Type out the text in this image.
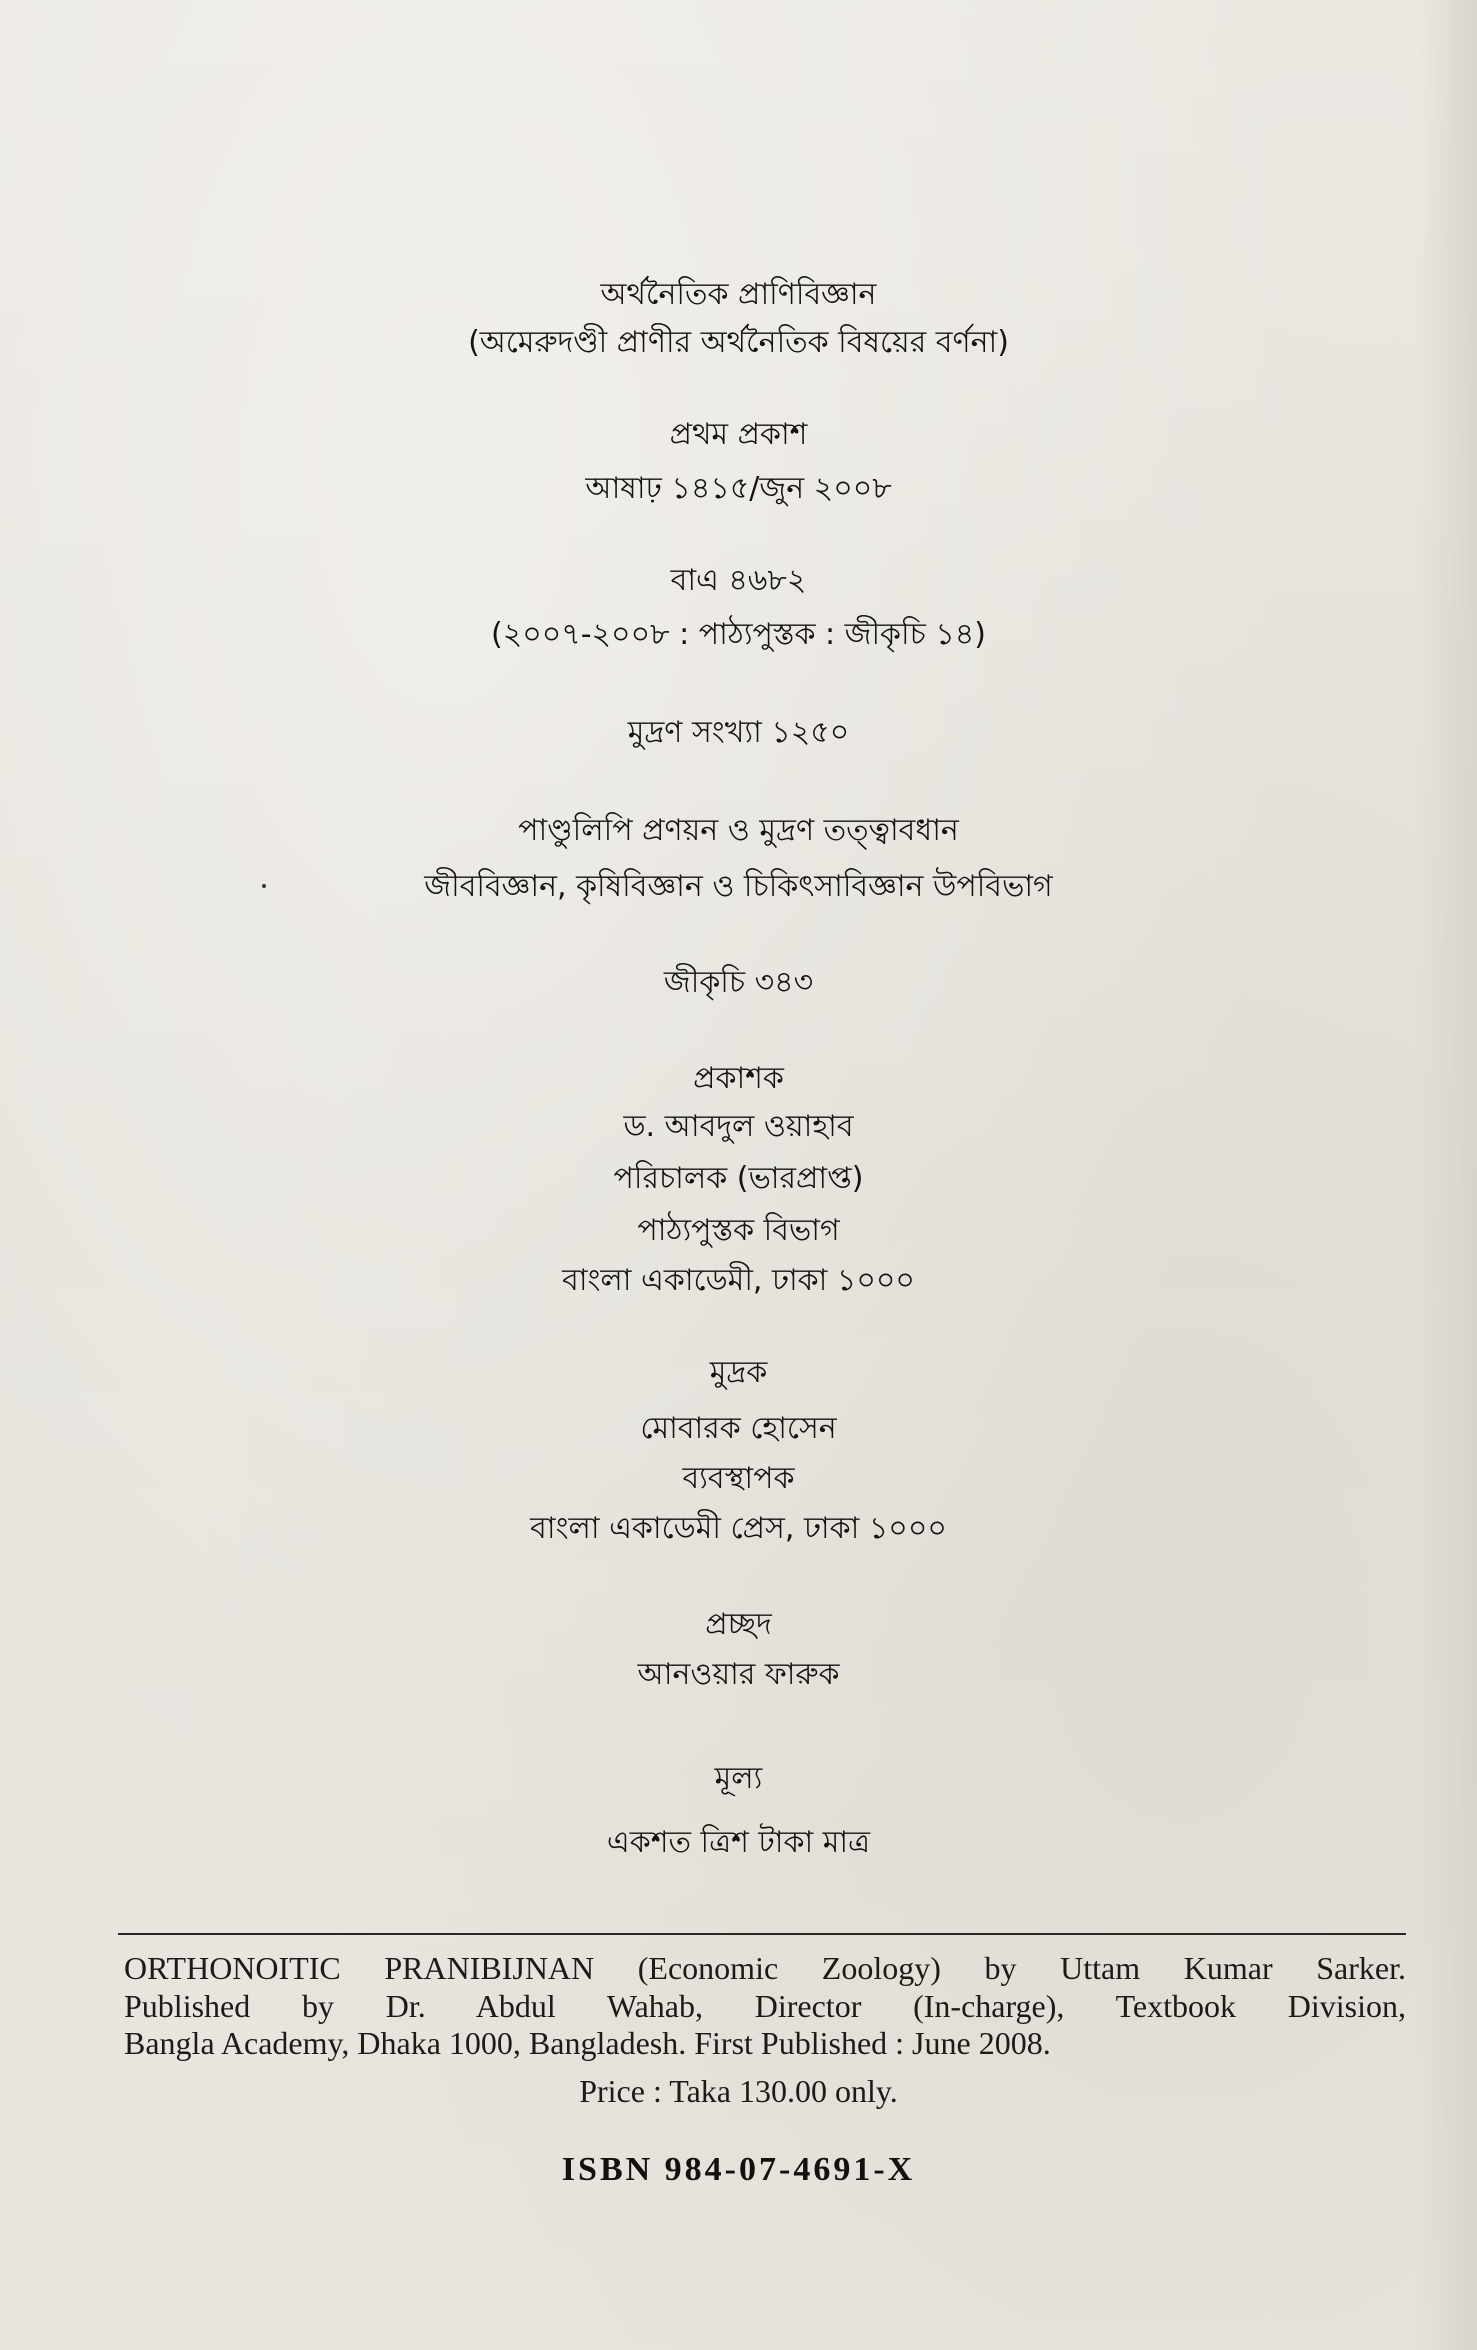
অর্থনৈতিক প্রাণিবিজ্ঞান
(অমেরুদণ্ডী প্রাণীর অর্থনৈতিক বিষয়ের বর্ণনা)
প্রথম প্রকাশ
আষাঢ় ১৪১৫/জুন ২০০৮
বাএ ৪৬৮২
(২০০৭-২০০৮ : পাঠ্যপুস্তক : জীকৃচি ১৪)
মুদ্রণ সংখ্যা ১২৫০
পাণ্ডুলিপি প্রণয়ন ও মুদ্রণ তত্ত্বাবধান
জীববিজ্ঞান, কৃষিবিজ্ঞান ও চিকিৎসাবিজ্ঞান উপবিভাগ
জীকৃচি ৩৪৩
প্রকাশক
ড. আবদুল ওয়াহাব
পরিচালক (ভারপ্রাপ্ত)
পাঠ্যপুস্তক বিভাগ
বাংলা একাডেমী, ঢাকা ১০০০
মুদ্রক
মোবারক হোসেন
ব্যবস্থাপক
বাংলা একাডেমী প্রেস, ঢাকা ১০০০
প্রচ্ছদ
আনওয়ার ফারুক
মূল্য
একশত ত্রিশ টাকা মাত্র
ORTHONOITIC PRANIBIJNAN (Economic Zoology) by Uttam Kumar Sarker.
Published by Dr. Abdul Wahab, Director (In-charge), Textbook Division,
Bangla Academy, Dhaka 1000, Bangladesh. First Published : June 2008.
Price : Taka 130.00 only.
ISBN 984-07-4691-X
